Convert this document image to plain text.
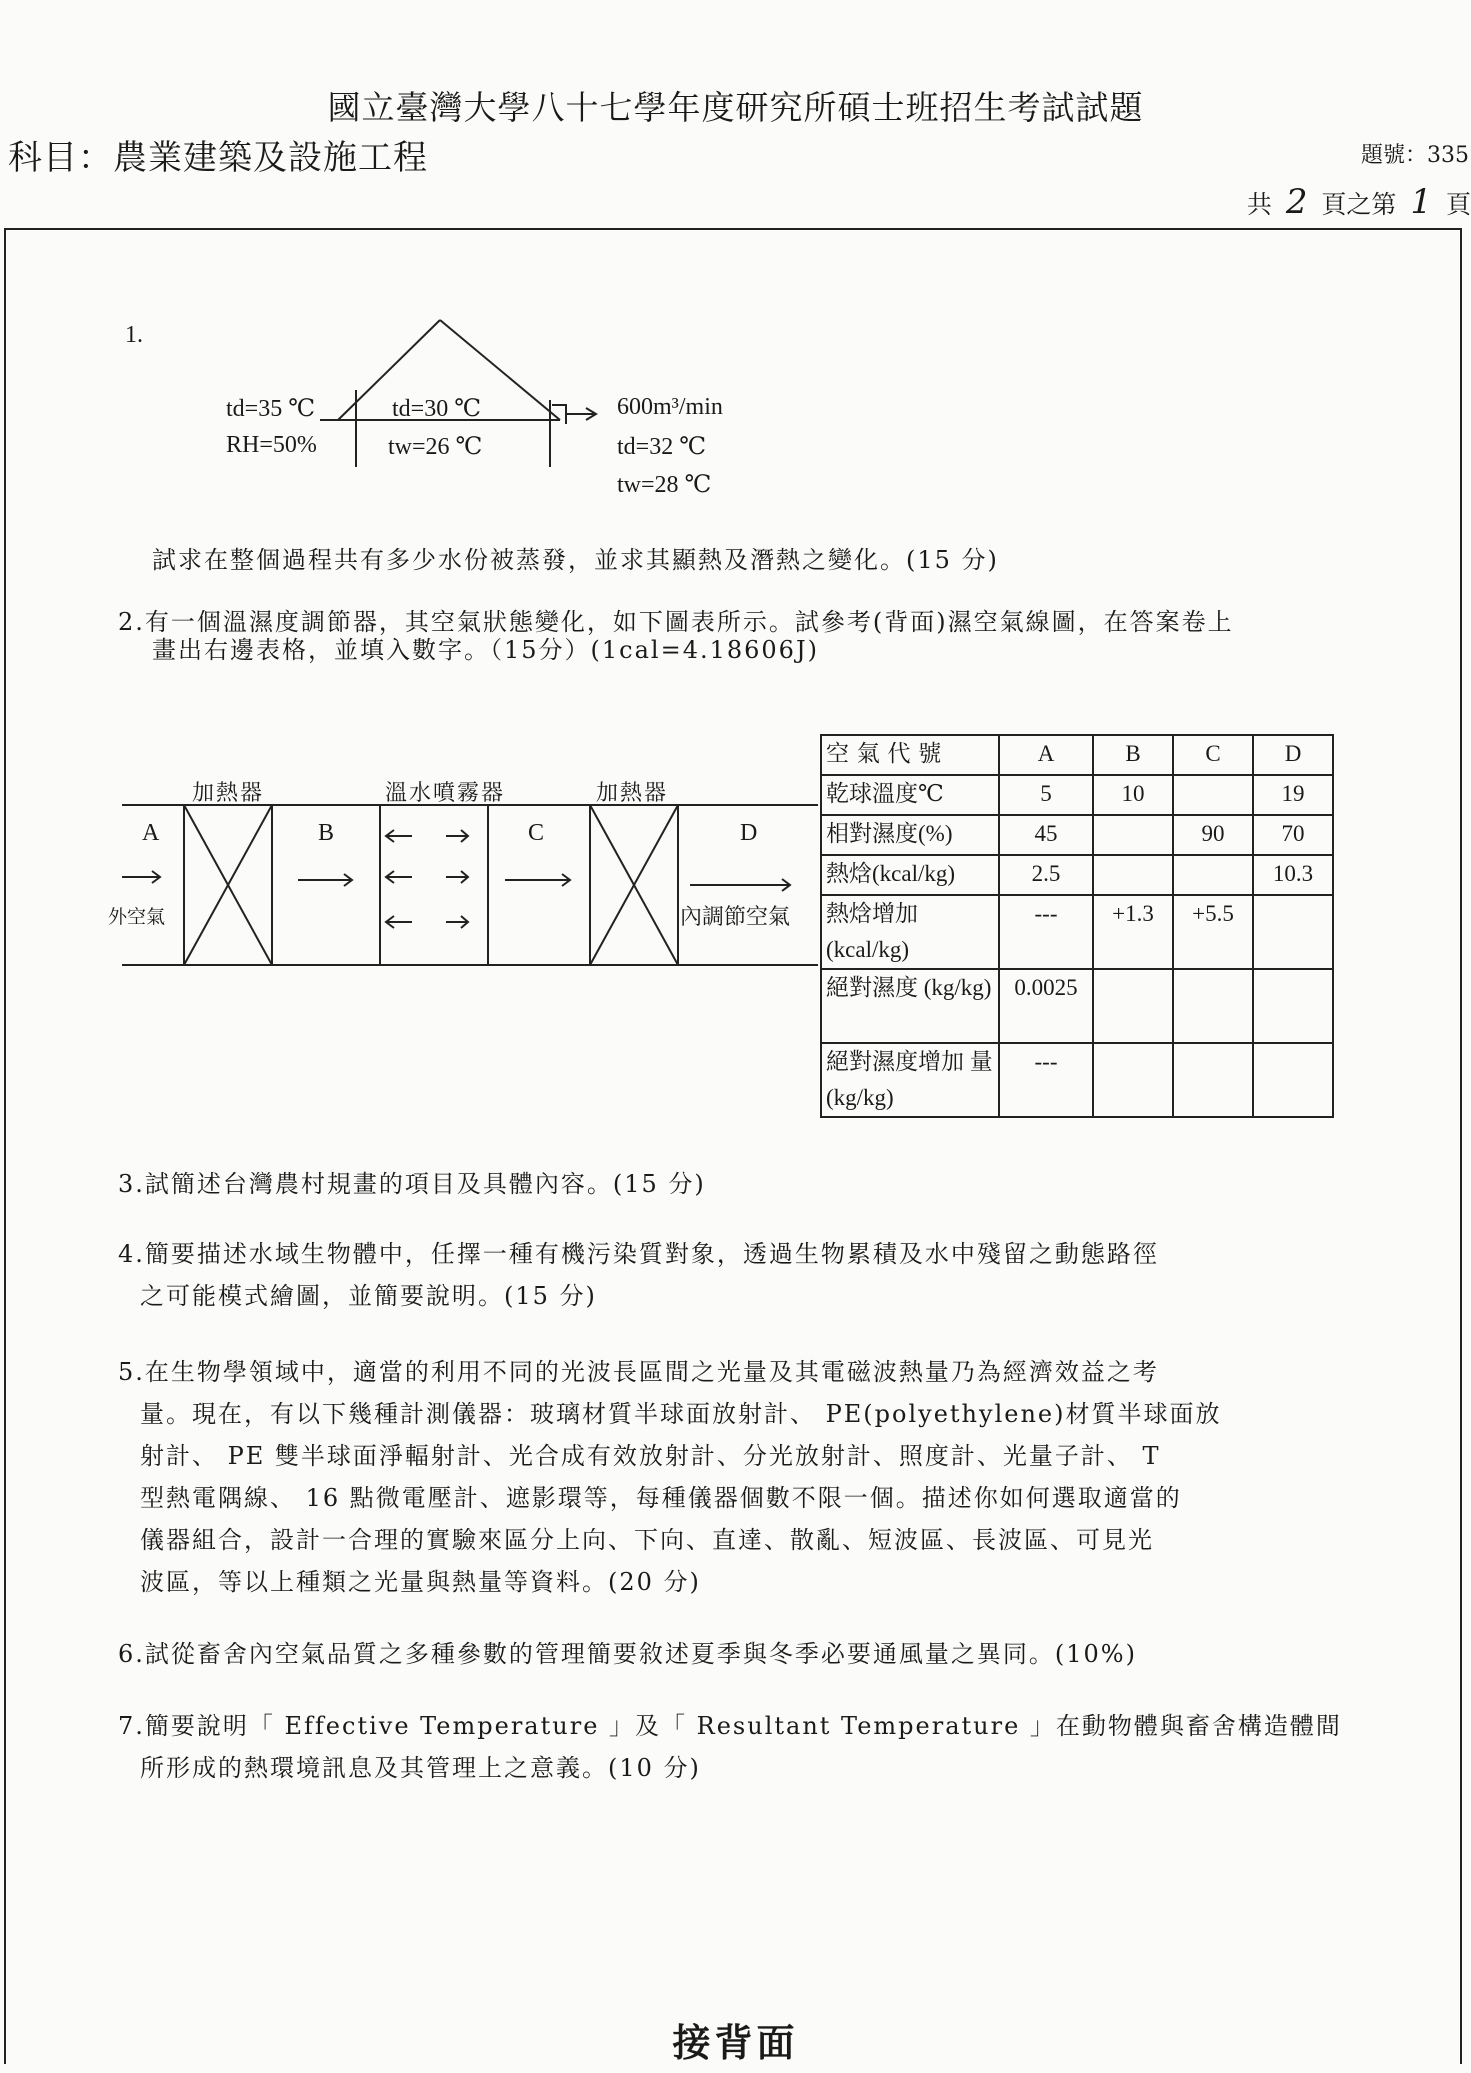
國立臺灣大學八十七學年度研究所碩士班招生考試試題
科目：農業建築及設施工程	題號：335
共 2 頁之第 1 頁
1.
td=35 ℃
RH=50%
td=30 ℃
tw=26 ℃
600m³/min
td=32 ℃
tw=28 ℃
試求在整個過程共有多少水份被蒸發，並求其顯熱及潛熱之變化。(15 分)
2.有一個溫濕度調節器，其空氣狀態變化，如下圖表所示。試參考(背面)濕空氣線圖，在答案卷上
畫出右邊表格，並填入數字。（15分）(1cal=4.18606J)
加熱器	溫水噴霧器	加熱器
A	B	C	D
外空氣	內調節空氣
空 氣 代 號	A	B	C	D
乾球溫度℃	5	10		19
相對濕度(%)	45		90	70
熱焓(kcal/kg)	2.5			10.3
熱焓增加 (kcal/kg)	---	+1.3	+5.5	
絕對濕度 (kg/kg)	0.0025			
絕對濕度增加 量(kg/kg)	---			
3.試簡述台灣農村規畫的項目及具體內容。(15 分)
4.簡要描述水域生物體中，任擇一種有機污染質對象，透過生物累積及水中殘留之動態路徑
之可能模式繪圖，並簡要說明。(15 分)
5.在生物學領域中，適當的利用不同的光波長區間之光量及其電磁波熱量乃為經濟效益之考
量。現在，有以下幾種計測儀器：玻璃材質半球面放射計、 PE(polyethylene)材質半球面放
射計、 PE 雙半球面淨輻射計、光合成有效放射計、分光放射計、照度計、光量子計、 T
型熱電隅線、 16 點微電壓計、遮影環等，每種儀器個數不限一個。描述你如何選取適當的
儀器組合，設計一合理的實驗來區分上向、下向、直達、散亂、短波區、長波區、可見光
波區，等以上種類之光量與熱量等資料。(20 分)
6.試從畜舍內空氣品質之多種參數的管理簡要敘述夏季與冬季必要通風量之異同。(10%)
7.簡要說明「 Effective Temperature 」及「 Resultant Temperature 」在動物體與畜舍構造體間
所形成的熱環境訊息及其管理上之意義。(10 分)
接背面
